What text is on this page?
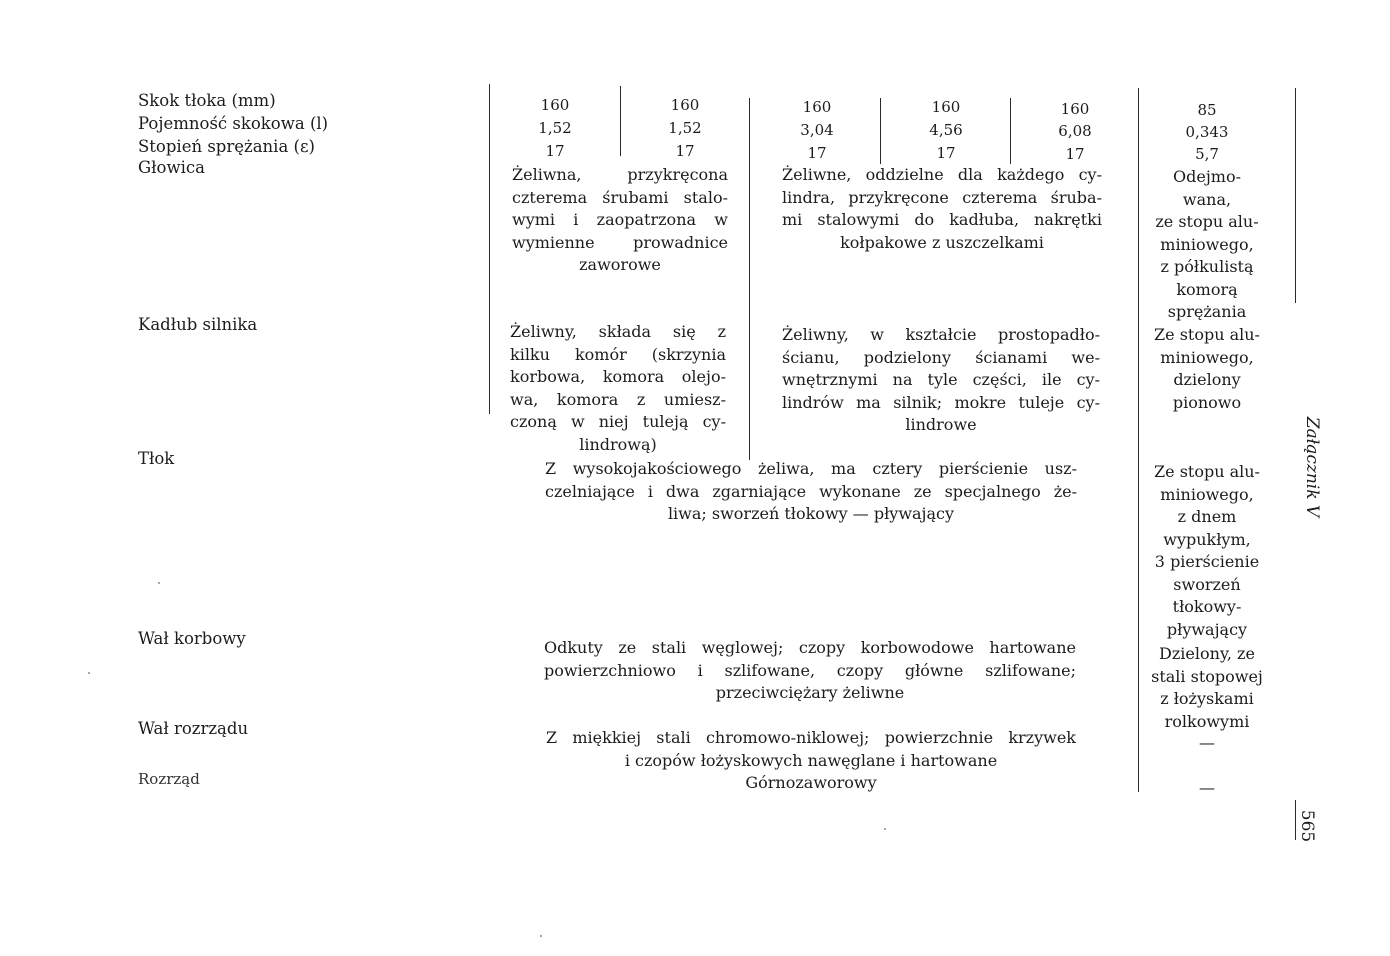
Skok tłoka (mm)
Pojemność skokowa (l)
Stopień sprężania (ε)
Głowica
Kadłub silnika
Tłok
Wał korbowy
Wał rozrządu
Rozrząd
160
1,52
17
160
1,52
17
160
3,04
17
160
4,56
17
160
6,08
17
85
0,343
5,7
Żeliwna, przykręcona
czterema śrubami stalo-
wymi i zaopatrzona w
wymienne prowadnice
zaworowe
Żeliwne, oddzielne dla każdego cy-
lindra, przykręcone czterema śruba-
mi stalowymi do kadłuba, nakrętki
kołpakowe z uszczelkami
Odejmo-
wana,
ze stopu alu-
miniowego,
z półkulistą
komorą
sprężania
Żeliwny, składa się z
kilku komór (skrzynia
korbowa, komora olejo-
wa, komora z umiesz-
czoną w niej tuleją cy-
lindrową)
Żeliwny, w kształcie prostopadło-
ścianu, podzielony ścianami we-
wnętrznymi na tyle części, ile cy-
lindrów ma silnik; mokre tuleje cy-
lindrowe
Ze stopu alu-
miniowego,
dzielony
pionowo
Z wysokojakościowego żeliwa, ma cztery pierścienie usz-
czelniające i dwa zgarniające wykonane ze specjalnego że-
liwa; sworzeń tłokowy — pływający
Ze stopu alu-
miniowego,
z dnem
wypukłym,
3 pierścienie
sworzeń
tłokowy-
pływający
Odkuty ze stali węglowej; czopy korbowodowe hartowane
powierzchniowo i szlifowane, czopy główne szlifowane;
przeciwciężary żeliwne
Dzielony, ze
stali stopowej
z łożyskami
rolkowymi
Z miękkiej stali chromowo-niklowej; powierzchnie krzywek
i czopów łożyskowych nawęglane i hartowane
Górnozaworowy
—
—
Załącznik V
565
